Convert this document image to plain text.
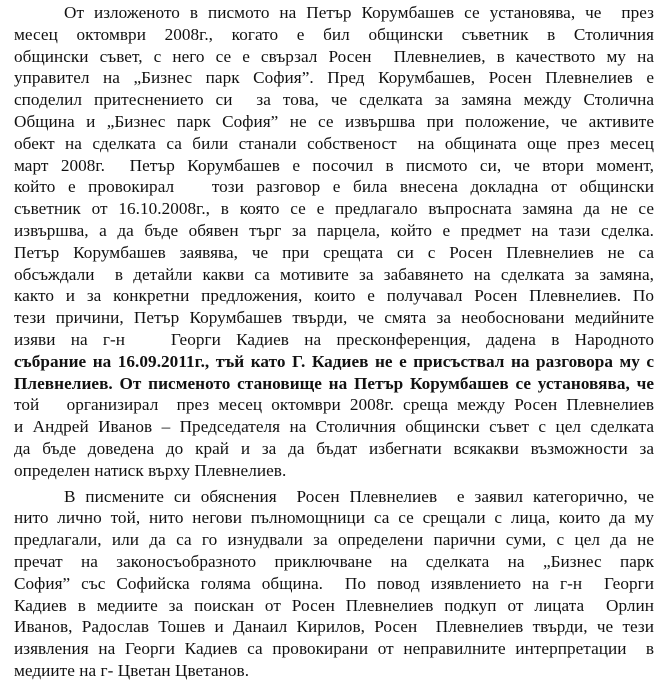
От изложеното в писмото на Петър Корумбашев се установява, че  през
месец октомври 2008г., когато е бил общински съветник в Столичния
общински съвет, с него се е свързал Росен  Плевнелиев, в качеството му на
управител на „Бизнес парк София”. Пред Корумбашев, Росен Плевнелиев е
споделил притеснението си  за това, че сделката за замяна между Столична
Община и „Бизнес парк София” не се извършва при положение, че активите
обект на сделката са били станали собственост  на общината още през месец
март 2008г.  Петър Корумбашев е посочил в писмото си, че втори момент,
който е провокирал   този разговор е била внесена докладна от общински
съветник от 16.10.2008г., в която се е предлагало въпросната замяна да не се
извършва, а да бъде обявен търг за парцела, който е предмет на тази сделка.
Петър Корумбашев заявява, че при срещата си с Росен Плевнелиев не са
обсъждали  в детайли какви са мотивите за забавянето на сделката за замяна,
както и за конкретни предложения, които е получавал Росен Плевнелиев. По
тези причини, Петър Корумбашев твърди, че смята за необосновани медийните
изяви на г-н   Георги Кадиев на пресконференция, дадена в Народното
събрание на 16.09.2011г., тъй като Г. Кадиев не е присъствал на разговора му с
Плевнелиев. От писменото становище на Петър Корумбашев се установява, че
той   организирал  през месец октомври 2008г. среща между Росен Плевнелиев
и Андрей Иванов – Председателя на Столичния общински съвет с цел сделката
да бъде доведена до край и за да бъдат избегнати всякакви възможности за
определен натиск върху Плевнелиев.
В писмените си обяснения  Росен Плевнелиев  е заявил категорично, че
нито лично той, нито негови пълномощници са се срещали с лица, които да му
предлагали, или да са го изнудвали за определени парични суми, с цел да не
пречат  на  законосъобразното  приключване  на  сделката  на  „Бизнес  парк
София” със Софийска голяма община.  По повод изявлението на г-н  Георги
Кадиев в медиите за поискан от Росен Плевнелиев подкуп от лицата  Орлин
Иванов, Радослав Тошев и Данаил Кирилов, Росен  Плевнелиев твърди, че тези
изявления на Георги Кадиев са провокирани от неправилните интерпретации  в
медиите на г- Цветан Цветанов.
